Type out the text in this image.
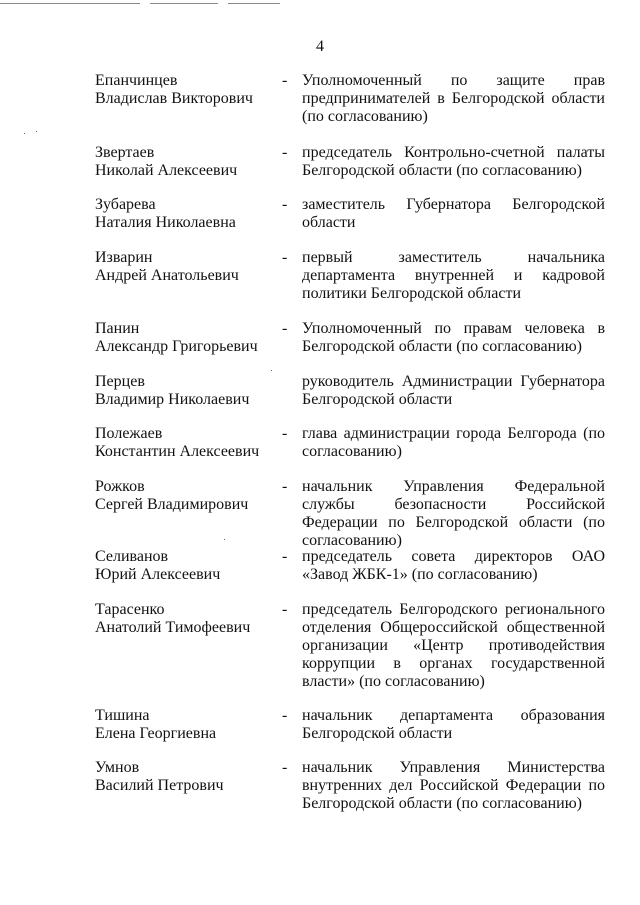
4
Епанчинцев
Владислав Викторович
- Уполномоченный по защите прав предпринимателей в Белгородской области (по согласованию)
Звертаев
Николай Алексеевич
- председатель Контрольно-счетной палаты Белгородской области (по согласованию)
Зубарева
Наталия Николаевна
- заместитель Губернатора Белгородской области
Изварин
Андрей Анатольевич
- первый заместитель начальника департамента внутренней и кадровой политики Белгородской области
Панин
Александр Григорьевич
- Уполномоченный по правам человека в Белгородской области (по согласованию)
Перцев
Владимир Николаевич
руководитель Администрации Губернатора Белгородской области
Полежаев
Константин Алексеевич
- глава администрации города Белгорода (по согласованию)
Рожков
Сергей Владимирович
- начальник Управления Федеральной службы безопасности Российской Федерации по Белгородской области (по согласованию)
Селиванов
Юрий Алексеевич
- председатель совета директоров ОАО «Завод ЖБК-1» (по согласованию)
Тарасенко
Анатолий Тимофеевич
- председатель Белгородского регионального отделения Общероссийской общественной организации «Центр противодействия коррупции в органах государственной власти» (по согласованию)
Тишина
Елена Георгиевна
- начальник департамента образования Белгородской области
Умнов
Василий Петрович
- начальник Управления Министерства внутренних дел Российской Федерации по Белгородской области (по согласованию)
